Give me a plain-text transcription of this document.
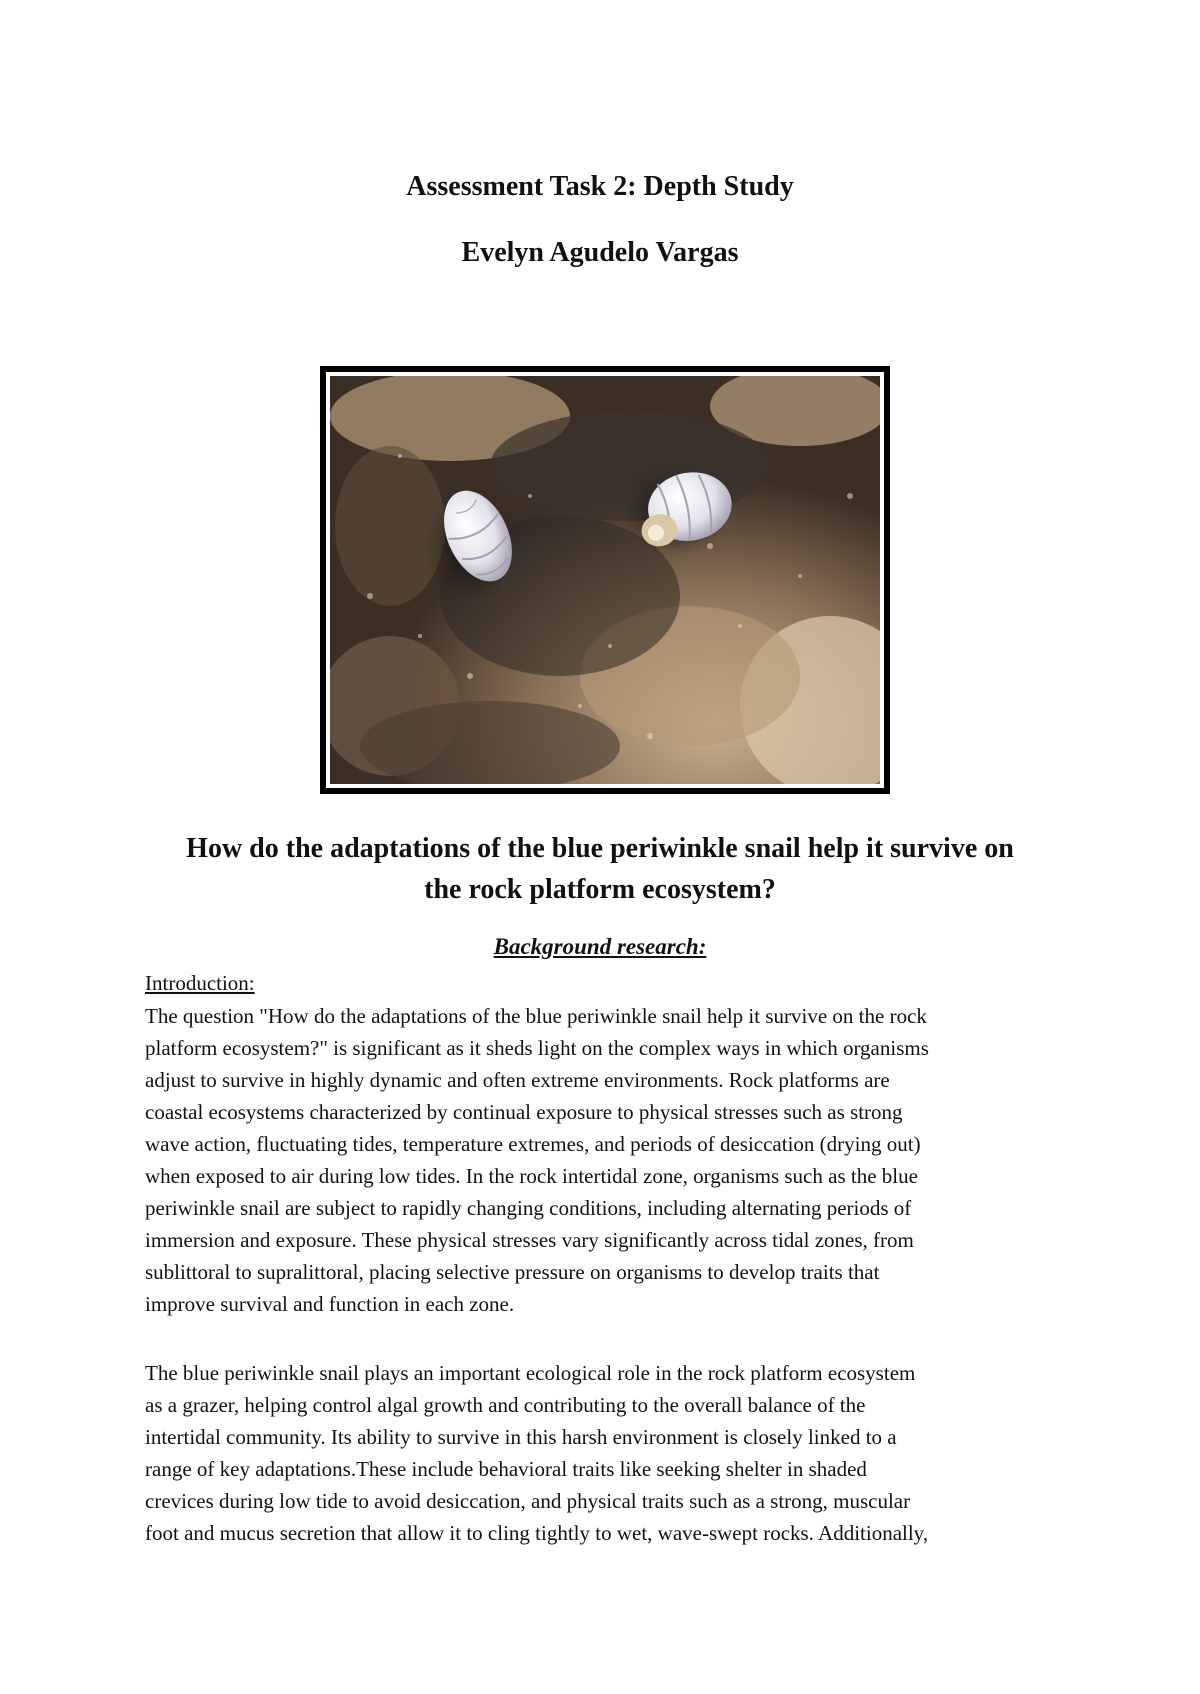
Assessment Task 2: Depth Study
Evelyn Agudelo Vargas
How do the adaptations of the blue periwinkle snail help it survive on
the rock platform ecosystem?
Background research:
Introduction:

The question "How do the adaptations of the blue periwinkle snail help it survive on the rock
platform ecosystem?" is significant as it sheds light on the complex ways in which organisms
adjust to survive in highly dynamic and often extreme environments. Rock platforms are
coastal ecosystems characterized by continual exposure to physical stresses such as strong
wave action, fluctuating tides, temperature extremes, and periods of desiccation (drying out)
when exposed to air during low tides. In the rock intertidal zone, organisms such as the blue
periwinkle snail are subject to rapidly changing conditions, including alternating periods of
immersion and exposure. These physical stresses vary significantly across tidal zones, from
sublittoral to supralittoral, placing selective pressure on organisms to develop traits that
improve survival and function in each zone.

The blue periwinkle snail plays an important ecological role in the rock platform ecosystem
as a grazer, helping control algal growth and contributing to the overall balance of the
intertidal community. Its ability to survive in this harsh environment is closely linked to a
range of key adaptations.These include behavioral traits like seeking shelter in shaded
crevices during low tide to avoid desiccation, and physical traits such as a strong, muscular
foot and mucus secretion that allow it to cling tightly to wet, wave-swept rocks. Additionally,
